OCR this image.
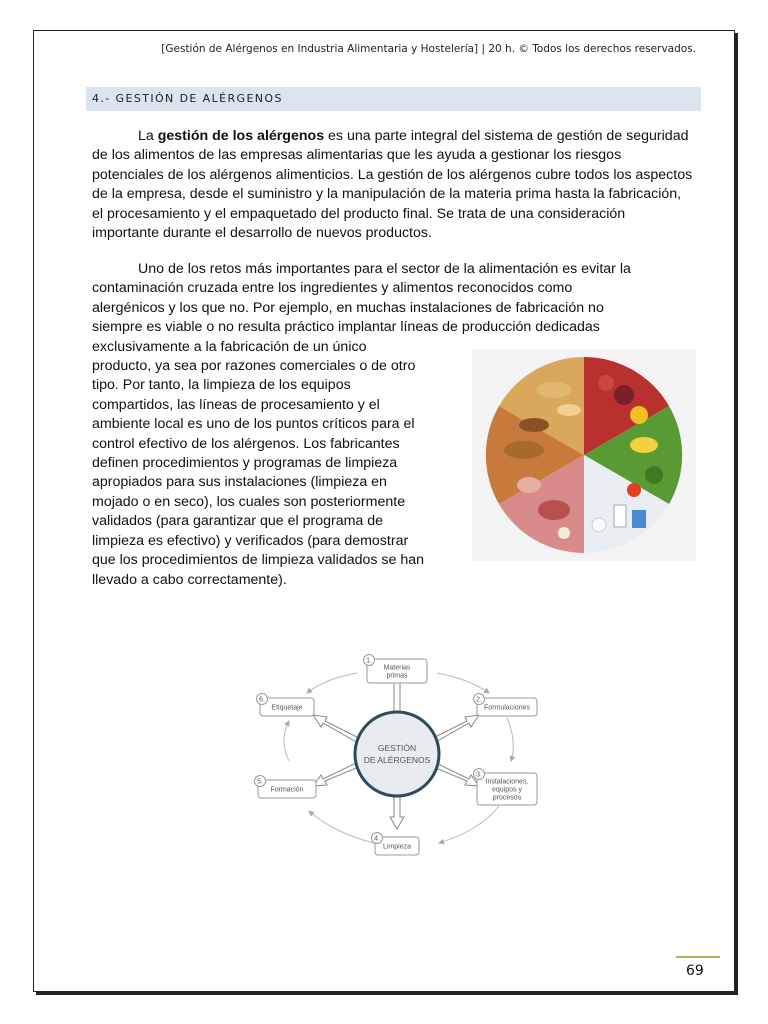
[Gestión de Alérgenos en Industria Alimentaria y Hostelería] | 20 h. © Todos los derechos reservados.
4.- GESTIÓN DE ALÉRGENOS

La gestión de los alérgenos es una parte integral del sistema de gestión de seguridad de los alimentos de las empresas alimentarias que les ayuda a gestionar los riesgos potenciales de los alérgenos alimenticios. La gestión de los alérgenos cubre todos los aspectos de la empresa, desde el suministro y la manipulación de la materia prima hasta la fabricación, el procesamiento y el empaquetado del producto final. Se trata de una consideración importante durante el desarrollo de nuevos productos.

Uno de los retos más importantes para el sector de la alimentación es evitar la
contaminación cruzada entre los ingredientes y alimentos reconocidos como
alergénicos y los que no. Por ejemplo, en muchas instalaciones de fabricación no
siempre es viable o no resulta práctico implantar líneas de producción dedicadas
exclusivamente a la fabricación de un único
producto, ya sea por razones comerciales o de otro
tipo. Por tanto, la limpieza de los equipos
compartidos, las líneas de procesamiento y el
ambiente local es uno de los puntos críticos para el
control efectivo de los alérgenos. Los fabricantes
definen procedimientos y programas de limpieza
apropiados para sus instalaciones (limpieza en
mojado o en seco), los cuales son posteriormente
validados (para garantizar que el programa de
limpieza es efectivo) y verificados (para demostrar
que los procedimientos de limpieza validados se han
llevado a cabo correctamente).

GESTIÓN
DE ALÉRGENOS
1.
Materias
primas
2.
Formulaciones
3.
Instalaciones,
equipos y
procesos
4.
Limpieza
5.
Formación
6.
Etiquetaje
69
